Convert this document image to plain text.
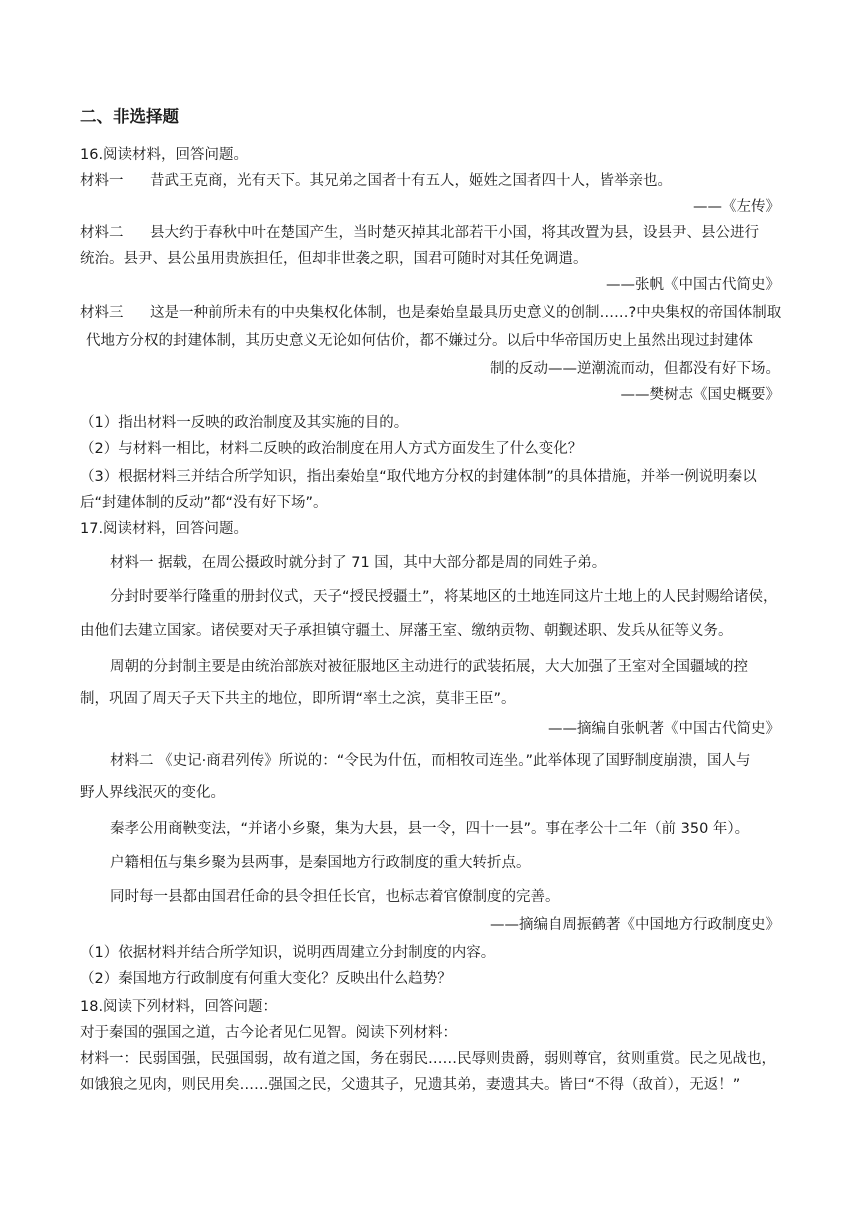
二、非选择题
16.阅读材料，回答问题。
材料一 昔武王克商，光有天下。其兄弟之国者十有五人，姬姓之国者四十人，皆举亲也。
——《左传》
材料二 县大约于春秋中叶在楚国产生，当时楚灭掉其北部若干小国，将其改置为县，设县尹、县公进行
统治。县尹、县公虽用贵族担任，但却非世袭之职，国君可随时对其任免调遣。
——张帆《中国古代简史》
材料三 这是一种前所未有的中央集权化体制，也是秦始皇最具历史意义的创制……?中央集权的帝国体制取
代地方分权的封建体制，其历史意义无论如何估价，都不嫌过分。以后中华帝国历史上虽然出现过封建体
制的反动——逆潮流而动，但都没有好下场。
——樊树志《国史概要》
（1）指出材料一反映的政治制度及其实施的目的。
（2）与材料一相比，材料二反映的政治制度在用人方式方面发生了什么变化？
（3）根据材料三并结合所学知识，指出秦始皇“取代地方分权的封建体制”的具体措施，并举一例说明秦以
后“封建体制的反动”都“没有好下场”。
17.阅读材料，回答问题。
材料一 据载，在周公摄政时就分封了 71 国，其中大部分都是周的同姓子弟。
分封时要举行隆重的册封仪式，天子“授民授疆土”，将某地区的土地连同这片土地上的人民封赐给诸侯，
由他们去建立国家。诸侯要对天子承担镇守疆土、屏藩王室、缴纳贡物、朝觐述职、发兵从征等义务。
周朝的分封制主要是由统治部族对被征服地区主动进行的武装拓展，大大加强了王室对全国疆域的控
制，巩固了周天子天下共主的地位，即所谓“率土之滨，莫非王臣”。
——摘编自张帆著《中国古代简史》
材料二 《史记·商君列传》所说的：“令民为什伍，而相牧司连坐。”此举体现了国野制度崩溃，国人与
野人界线泯灭的变化。
秦孝公用商鞅变法，“并诸小乡聚，集为大县，县一令，四十一县”。事在孝公十二年（前 350 年）。
户籍相伍与集乡聚为县两事，是秦国地方行政制度的重大转折点。
同时每一县都由国君任命的县令担任长官，也标志着官僚制度的完善。
——摘编自周振鹤著《中国地方行政制度史》
（1）依据材料并结合所学知识，说明西周建立分封制度的内容。
（2）秦国地方行政制度有何重大变化？反映出什么趋势？
18.阅读下列材料，回答问题：
对于秦国的强国之道，古今论者见仁见智。阅读下列材料：
材料一：民弱国强，民强国弱，故有道之国，务在弱民……民辱则贵爵，弱则尊官，贫则重赏。民之见战也，
如饿狼之见肉，则民用矣……强国之民，父遗其子，兄遗其弟，妻遗其夫。皆曰“不得（敌首），无返！”
